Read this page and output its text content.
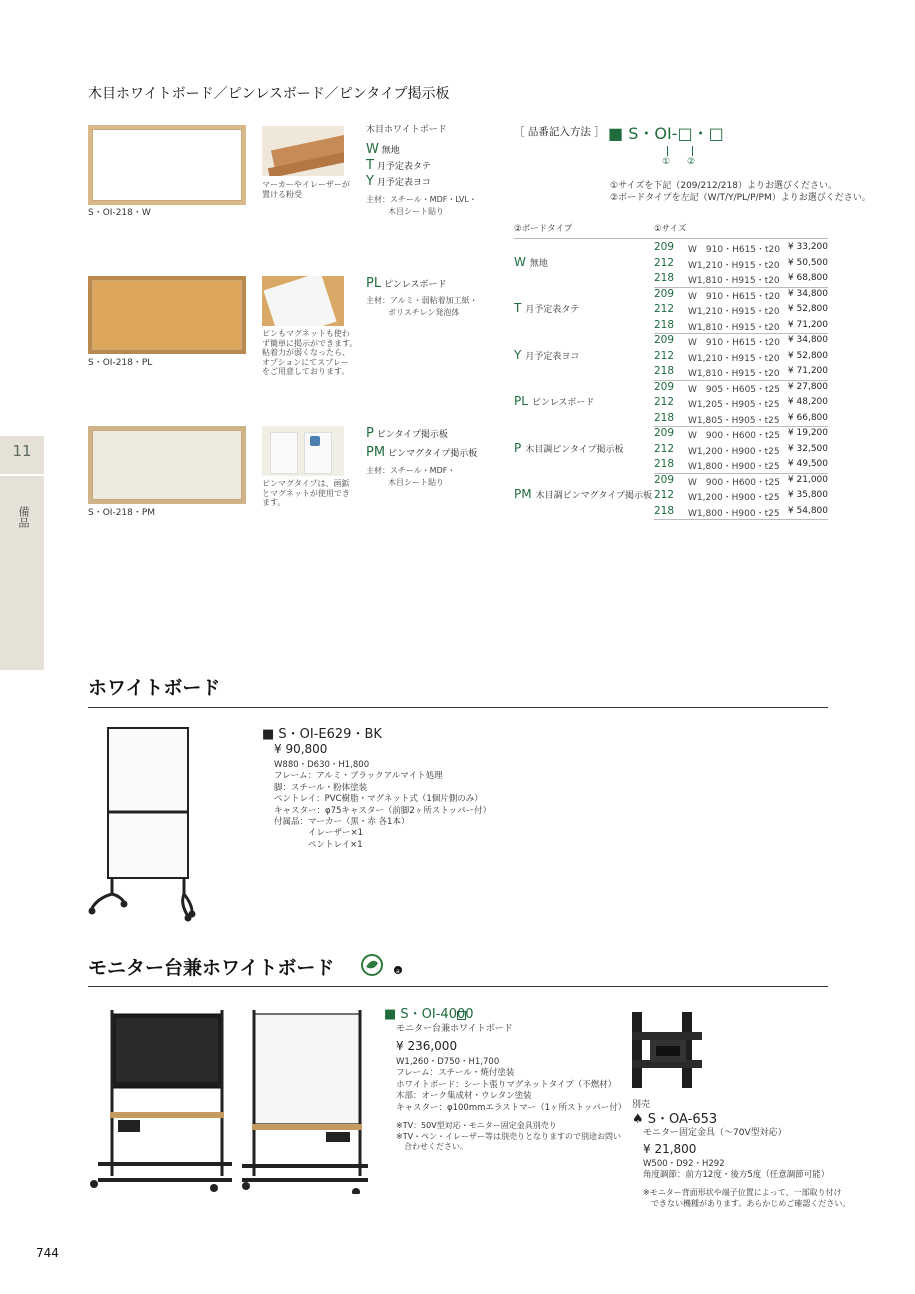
木目ホワイトボード／ピンレスボード／ピンタイプ掲示板
11
備品
S・OI-218・W
マーカーやイレーザーが置ける粉受
木目ホワイトボード
W 無地
T 月予定表タテ
Y 月予定表ヨコ
主材：スチール・MDF・LVL・
木目シート貼り
S・OI-218・PL
ピンもマグネットも使わ
ず簡単に掲示ができます。
粘着力が弱くなったら、
オプションにてスプレー
をご用意しております。
PL ピンレスボード
主材：アルミ・弱粘着加工紙・
ポリスチレン発泡体
S・OI-218・PM
ピンマグタイプは、画鋲
とマグネットが使用でき
ます。
P ピンタイプ掲示板
PM ピンマグタイプ掲示板
主材：スチール・MDF・
木目シート貼り
［ 品番記入方法 ］ ■ S・OI-□・□
① ②
①サイズを下記（209/212/218）よりお選びください。
②ボードタイプを左記（W/T/Y/PL/P/PM）よりお選びください。
②ボードタイプ	①サイズ
W 無地
209 W　910・H615・t20 ¥ 33,200
212 W1,210・H915・t20 ¥ 50,500
218 W1,810・H915・t20 ¥ 68,800
T 月予定表タテ
209 W　910・H615・t20 ¥ 34,800
212 W1,210・H915・t20 ¥ 52,800
218 W1,810・H915・t20 ¥ 71,200
Y 月予定表ヨコ
209 W　910・H615・t20 ¥ 34,800
212 W1,210・H915・t20 ¥ 52,800
218 W1,810・H915・t20 ¥ 71,200
PL ピンレスボード
209 W　905・H605・t25 ¥ 27,800
212 W1,205・H905・t25 ¥ 48,200
218 W1,805・H905・t25 ¥ 66,800
P 木目調ピンタイプ掲示板
209 W　900・H600・t25 ¥ 19,200
212 W1,200・H900・t25 ¥ 32,500
218 W1,800・H900・t25 ¥ 49,500
PM 木目調ピンマグタイプ掲示板
209 W　900・H600・t25 ¥ 21,000
212 W1,200・H900・t25 ¥ 35,800
218 W1,800・H900・t25 ¥ 54,800
ホワイトボード
■ S・OI-E629・BK
¥ 90,800
W880・D630・H1,800
フレーム：アルミ・ブラックアルマイト処理
脚：スチール・粉体塗装
ペントレイ：PVC樹脂・マグネット式（1個片側のみ）
キャスター：φ75キャスター（前脚2ヶ所ストッパー付）
付属品：マーカー（黒・赤 各1本）
　　　　イレーザー×1
　　　　ペントレイ×1
モニター台兼ホワイトボード	a
■ S・OI-4000
モニター台兼ホワイトボード
¥ 236,000
W1,260・D750・H1,700
フレーム：スチール・焼付塗装
ホワイトボード：シート張りマグネットタイプ（不燃材）
木部：オーク集成材・ウレタン塗装
キャスター：φ100mmエラストマー（1ヶ所ストッパー付）
※TV：50V型対応・モニター固定金具別売り
※TV・ペン・イレーザー等は別売りとなりますので別途お問い
　合わせください。
別売
♠ S・OA-653
モニター固定金具（〜70V型対応）
¥ 21,800
W500・D92・H292
角度調節：前方12度・後方5度（任意調節可能）
※モニター背面形状や端子位置によって、一部取り付け
　できない機種があります。あらかじめご確認ください。
744
